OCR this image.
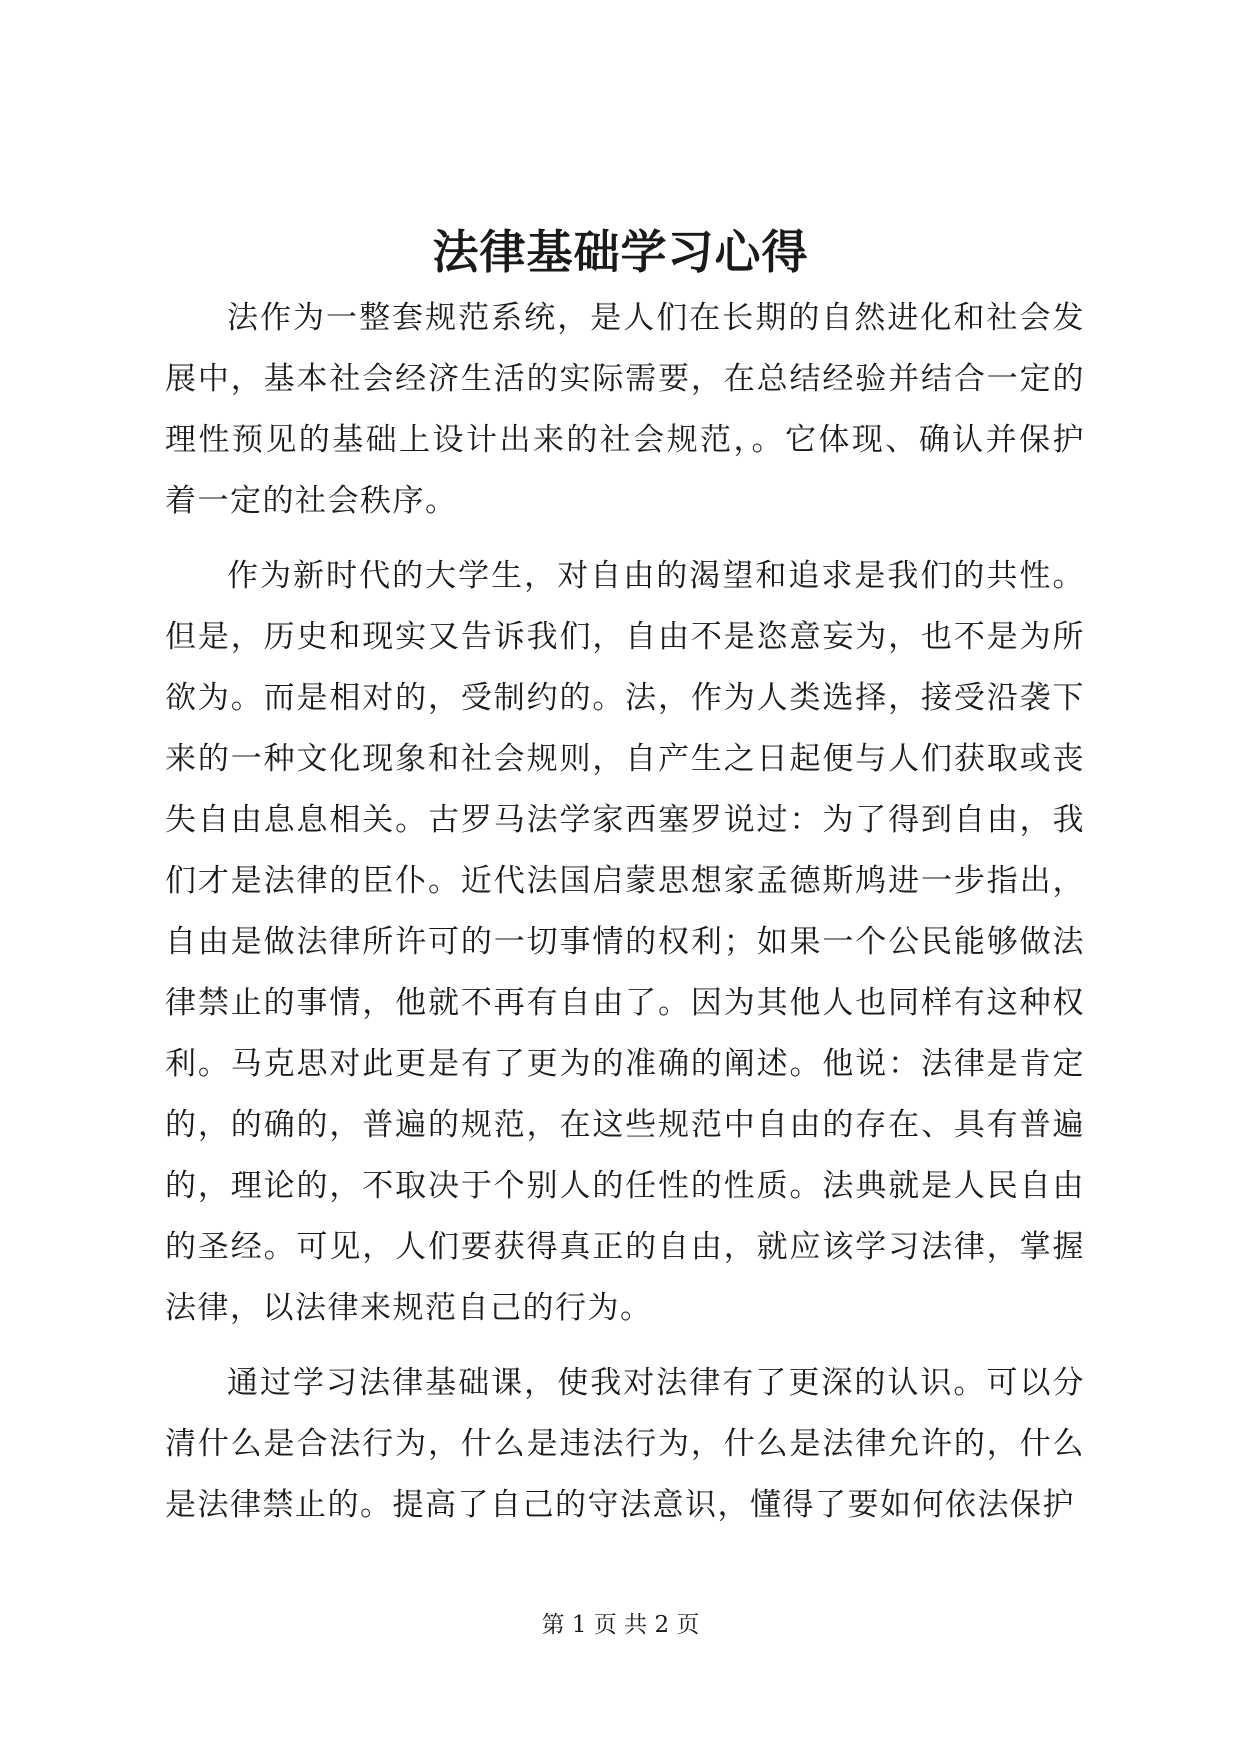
法律基础学习心得

法作为一整套规范系统，是人们在长期的自然进化和社会发展中，基本社会经济生活的实际需要，在总结经验并结合一定的理性预见的基础上设计出来的社会规范，。它体现、确认并保护着一定的社会秩序。

作为新时代的大学生，对自由的渴望和追求是我们的共性。但是，历史和现实又告诉我们，自由不是恣意妄为，也不是为所欲为。而是相对的，受制约的。法，作为人类选择，接受沿袭下来的一种文化现象和社会规则，自产生之日起便与人们获取或丧失自由息息相关。古罗马法学家西塞罗说过：为了得到自由，我们才是法律的臣仆。近代法国启蒙思想家孟德斯鸠进一步指出，自由是做法律所许可的一切事情的权利；如果一个公民能够做法律禁止的事情，他就不再有自由了。因为其他人也同样有这种权利。马克思对此更是有了更为的准确的阐述。他说：法律是肯定的，的确的，普遍的规范，在这些规范中自由的存在、具有普遍的，理论的，不取决于个别人的任性的性质。法典就是人民自由的圣经。可见，人们要获得真正的自由，就应该学习法律，掌握法律，以法律来规范自己的行为。

通过学习法律基础课，使我对法律有了更深的认识。可以分清什么是合法行为，什么是违法行为，什么是法律允许的，什么是法律禁止的。提高了自己的守法意识，懂得了要如何依法保护

第 1 页 共 2 页
